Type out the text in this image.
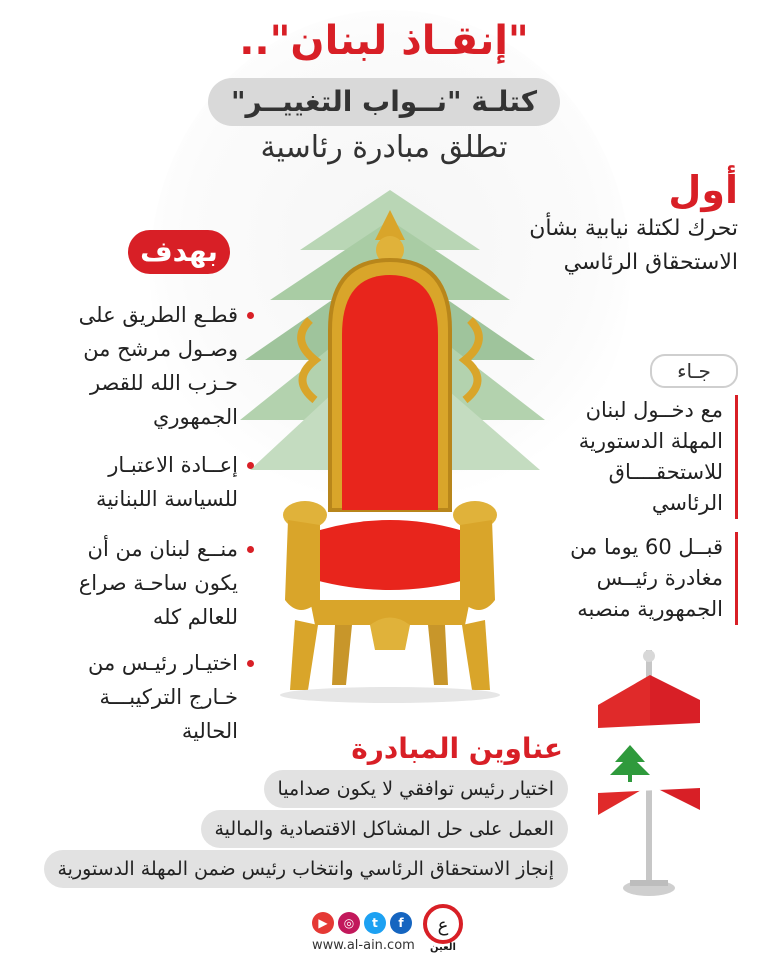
"إنقـاذ لبنان"..
كتلـة "نــواب التغييــر"
تطلق مبادرة رئاسية
أول
تحرك لكتلة نيابية بشأن الاستحقاق الرئاسي
جـاء
مع دخــول لبنان المهلة الدستورية للاستحقــــاق الرئاسي
قبــل 60 يوما من مغادرة رئيــس الجمهورية منصبه
بهدف
قطـع الطريق على وصـول مرشح من حـزب الله للقصر الجمهوري
إعــادة الاعتبـار للسياسة اللبنانية
منــع لبنان من أن يكون ساحـة صراع للعالم كله
اختيـار رئيـس من خـارج التركيبـــة الحالية
عناوين المبادرة
اختيار رئيس توافقي لا يكون صداميا
العمل على حل المشاكل الاقتصادية والمالية
إنجاز الاستحقاق الرئاسي وانتخاب رئيس ضمن المهلة الدستورية
▶	◎	t	f
www.al-ain.com
ع
العين
